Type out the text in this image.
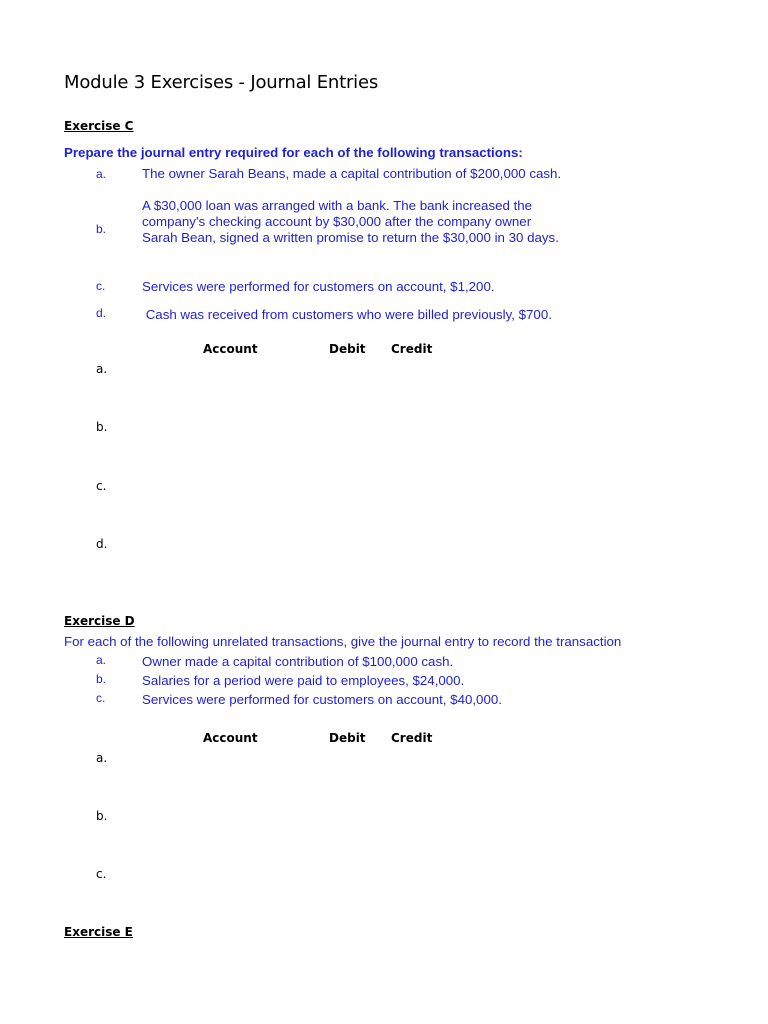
Module 3 Exercises - Journal Entries
Exercise C
Prepare the journal entry required for each of the following transactions:
a.	The owner Sarah Beans, made a capital contribution of $200,000 cash.
b.
A $30,000 loan was arranged with a bank. The bank increased the company's checking account by $30,000 after the company owner Sarah Bean, signed a written promise to return the $30,000 in 30 days.
c.	Services were performed for customers on account, $1,200.
d.	Cash was received from customers who were billed previously, $700.
Account	Debit Credit
a.
b.
c.
d.
Exercise D
For each of the following unrelated transactions, give the journal entry to record the transaction
a.	Owner made a capital contribution of $100,000 cash.
b.	Salaries for a period were paid to employees, $24,000.
c.	Services were performed for customers on account, $40,000.
Account	Debit Credit
a.
b.
c.
Exercise E
